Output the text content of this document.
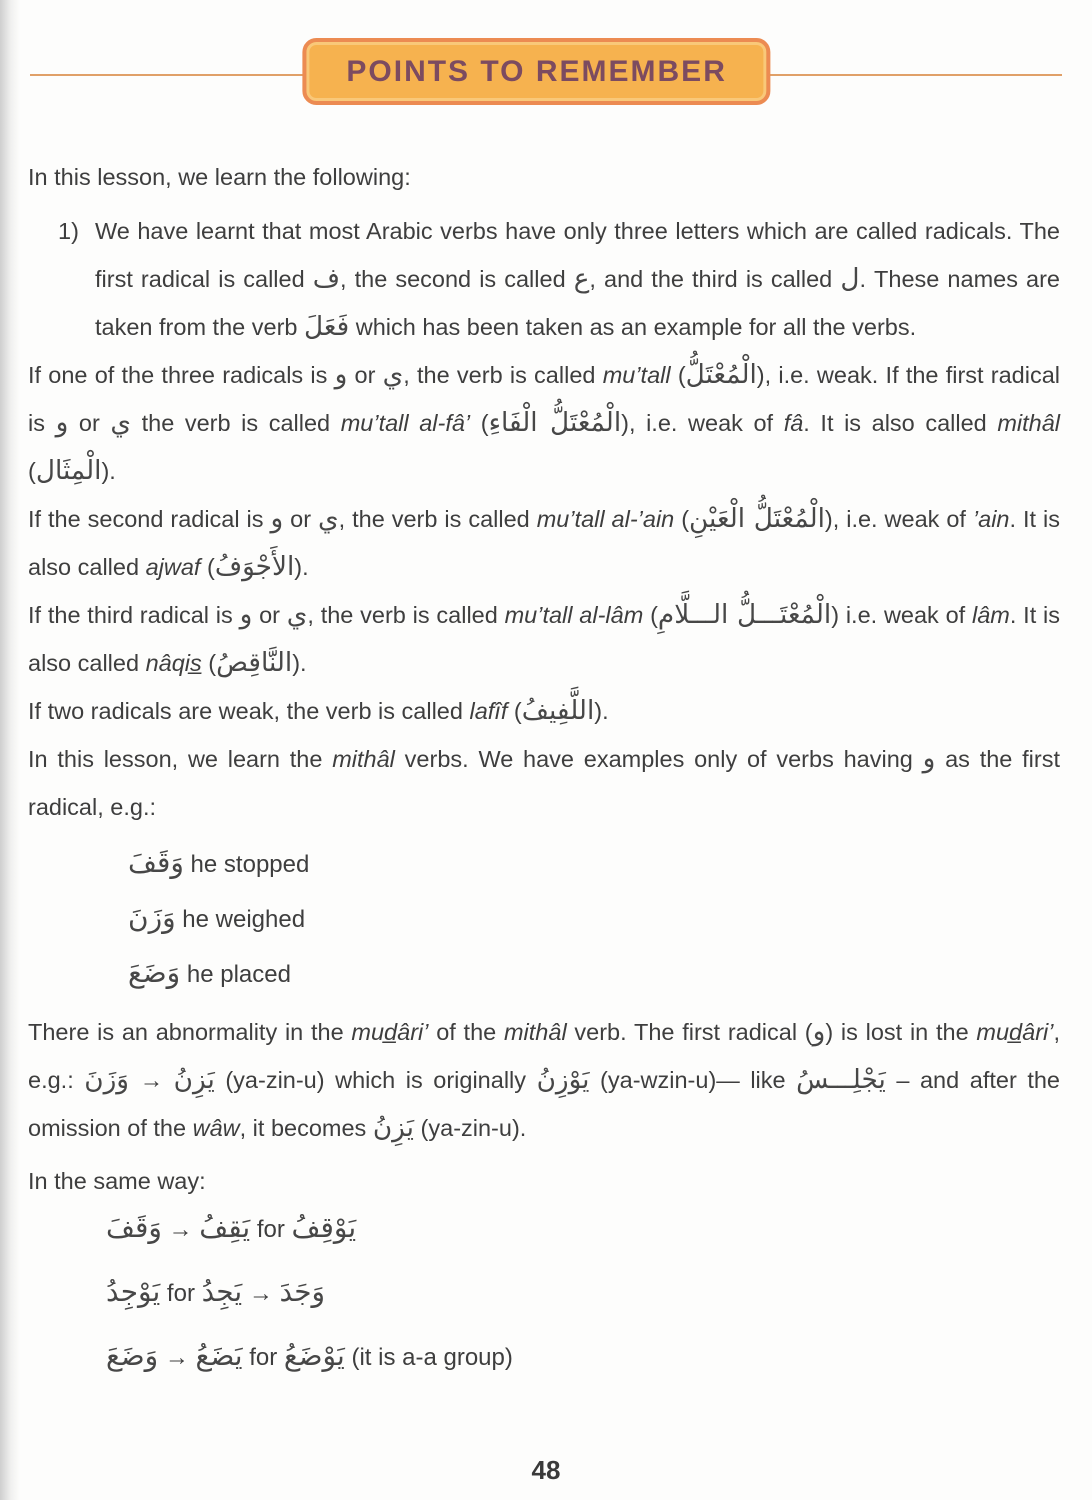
POINTS TO REMEMBER
In this lesson, we learn the following:
1) We have learnt that most Arabic verbs have only three letters which are called radicals. The first radical is called ف, the second is called ع, and the third is called ل. These names are taken from the verb فَعَلَ which has been taken as an example for all the verbs.

If one of the three radicals is و or ي, the verb is called mu’tall (الْمُعْتَلُّ), i.e. weak. If the first radical is و or ي the verb is called mu’tall al-fâ’ (الْمُعْتَلُّ الْفَاءِ), i.e. weak of fâ. It is also called mithâl (الْمِثَال).

If the second radical is و or ي, the verb is called mu’tall al-’ain (الْمُعْتَلُّ الْعَيْنِ), i.e. weak of ’ain. It is also called ajwaf (الأَجْوَفُ).

If the third radical is و or ي, the verb is called mu’tall al-lâm (الْمُعْتَـــلُّ الـــلَّامِ) i.e. weak of lâm. It is also called nâqis̲ (النَّاقِصُ).

If two radicals are weak, the verb is called lafîf (اللَّفِيفُ).

In this lesson, we learn the mithâl verbs. We have examples only of verbs having و as the first radical, e.g.:

وَقَفَ he stopped
وَزَنَ he weighed
وَضَعَ he placed

There is an abnormality in the mud̲âri’ of the mithâl verb. The first radical (و) is lost in the mud̲âri’, e.g.: وَزَنَ → يَزِنُ (ya-zin-u) which is originally يَوْزِنُ (ya-wzin-u)— like يَجْلِـــسُ – and after the omission of the wâw, it becomes يَزِنُ (ya-zin-u).

In the same way:
وَقَفَ → يَقِفُ for يَوْقِفُ
يَوْجِدُ for يَجِدُ → وَجَدَ
وَضَعَ → يَضَعُ for يَوْضَعُ (it is a-a group)
48
